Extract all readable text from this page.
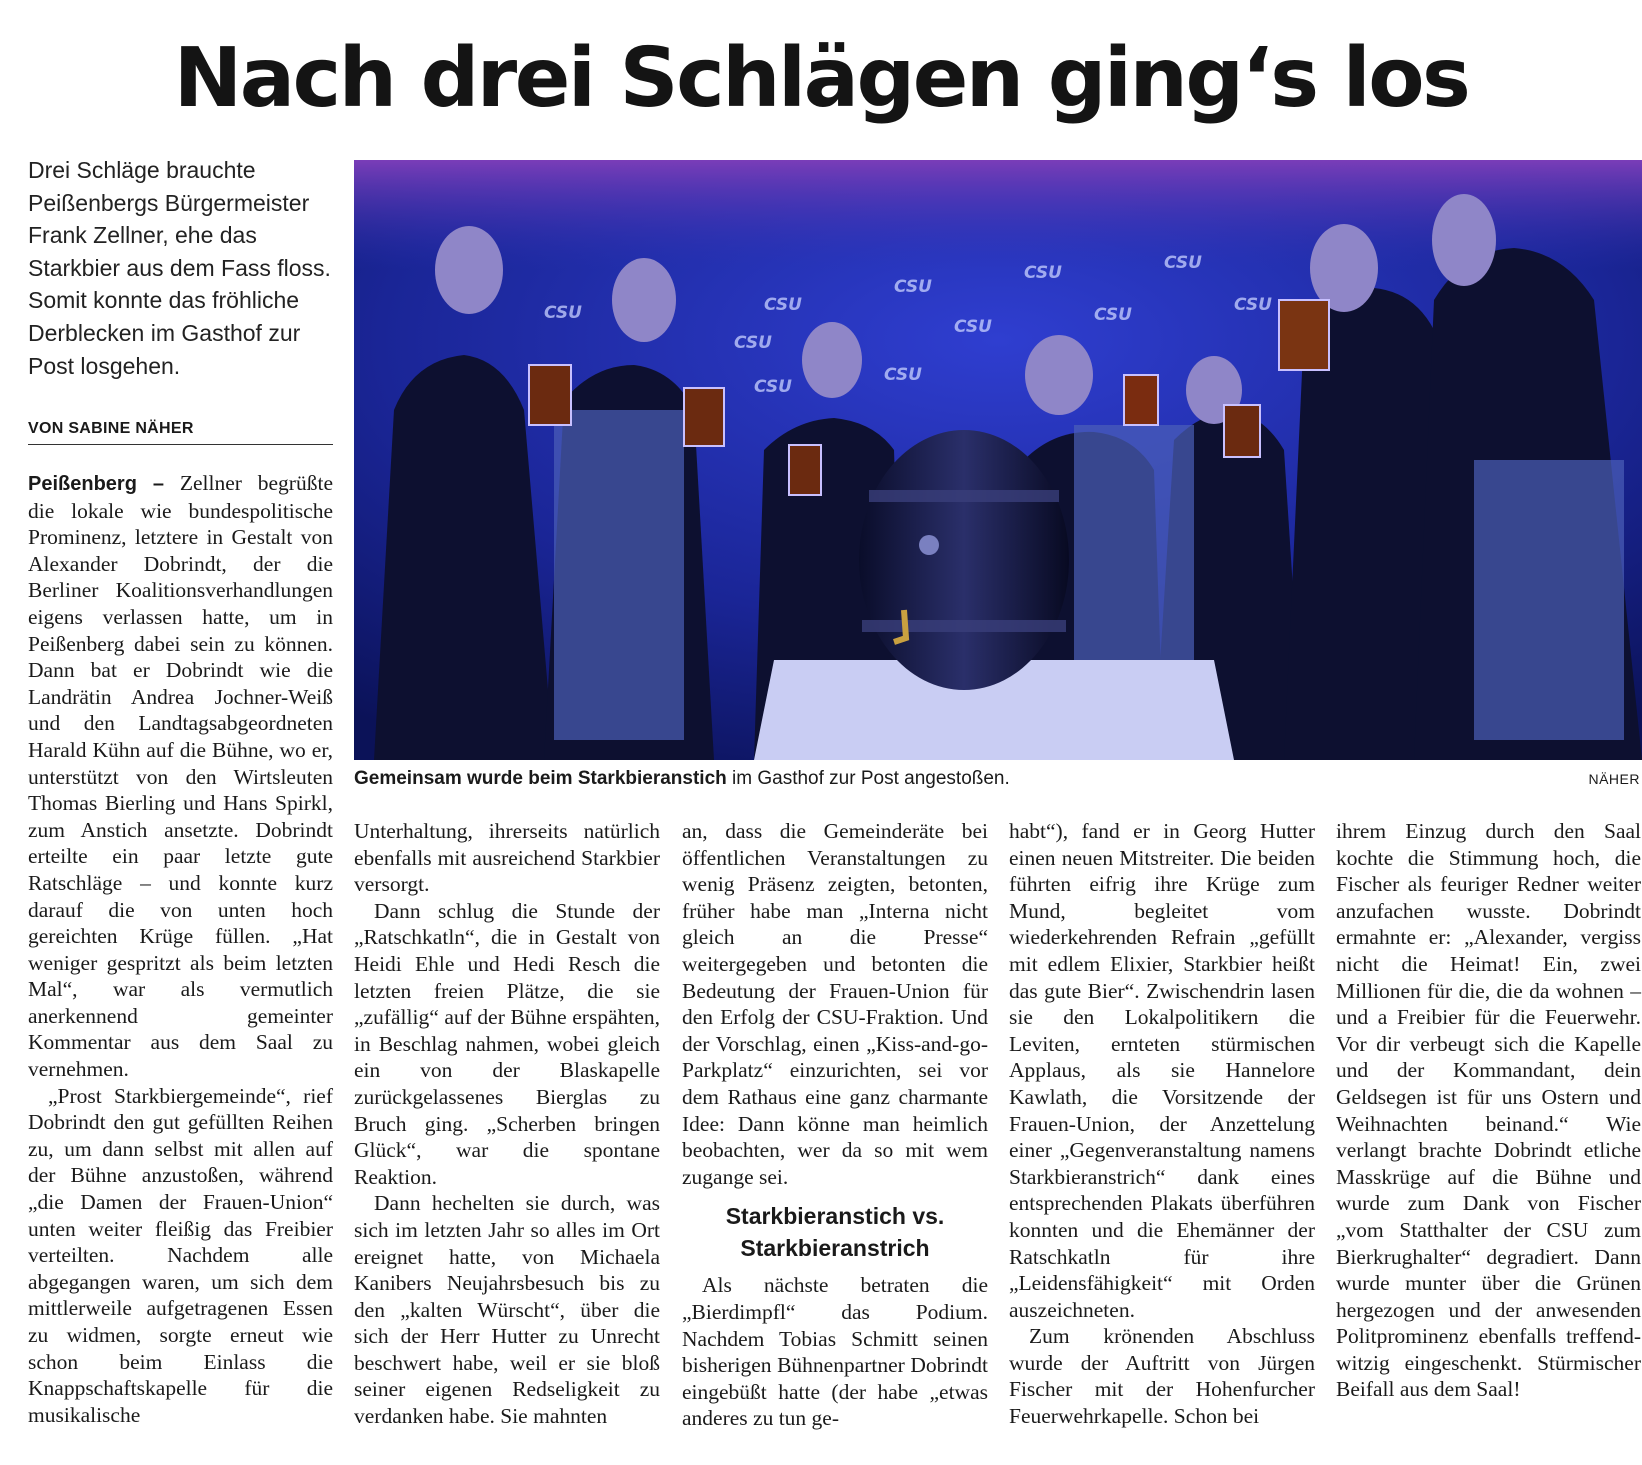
Nach drei Schlägen ging‘s los
Drei Schläge brauchte Peißenbergs Bürgermeister Frank Zellner, ehe das Starkbier aus dem Fass floss. Somit konnte das fröhliche Derblecken im Gasthof zur Post losgehen.
VON SABINE NÄHER
CSU	CSU
CSU
CSU	CSU
CSU
CSU
CSU	CSU
CSU
CSU
Gemeinsam wurde beim Starkbieranstich im Gasthof zur Post angestoßen.	NÄHER

Peißenberg – Zellner begrüßte die lokale wie bundespolitische Prominenz, letztere in Gestalt von Alexander Dobrindt, der die Berliner Koalitionsverhandlungen eigens verlassen hatte, um in Peißenberg dabei sein zu können. Dann bat er Dobrindt wie die Landrätin Andrea Jochner-Weiß und den Landtagsabgeordneten Harald Kühn auf die Bühne, wo er, unterstützt von den Wirtsleuten Thomas Bierling und Hans Spirkl, zum Anstich ansetzte. Dobrindt erteilte ein paar letzte gute Ratschläge – und konnte kurz darauf die von unten hoch gereichten Krüge füllen. „Hat weniger gespritzt als beim letzten Mal“, war als vermutlich anerkennend gemeinter Kommentar aus dem Saal zu vernehmen.

„Prost Starkbiergemeinde“, rief Dobrindt den gut gefüllten Reihen zu, um dann selbst mit allen auf der Bühne anzustoßen, während „die Damen der Frauen-Union“ unten weiter fleißig das Freibier verteilten. Nachdem alle abgegangen waren, um sich dem mittlerweile aufgetragenen Essen zu widmen, sorgte erneut wie schon beim Einlass die Knappschaftskapelle für die musikalische

Unterhaltung, ihrerseits natürlich ebenfalls mit ausreichend Starkbier versorgt.

Dann schlug die Stunde der „Ratschkatln“, die in Gestalt von Heidi Ehle und Hedi Resch die letzten freien Plätze, die sie „zufällig“ auf der Bühne erspähten, in Beschlag nahmen, wobei gleich ein von der Blaskapelle zurückgelassenes Bierglas zu Bruch ging. „Scherben bringen Glück“, war die spontane Reaktion.

Dann hechelten sie durch, was sich im letzten Jahr so alles im Ort ereignet hatte, von Michaela Kanibers Neujahrsbesuch bis zu den „kalten Würscht“, über die sich der Herr Hutter zu Unrecht beschwert habe, weil er sie bloß seiner eigenen Redseligkeit zu verdanken habe. Sie mahnten

an, dass die Gemeinderäte bei öffentlichen Veranstaltungen zu wenig Präsenz zeigten, betonten, früher habe man „Interna nicht gleich an die Presse“ weitergegeben und betonten die Bedeutung der Frauen-Union für den Erfolg der CSU-Fraktion. Und der Vorschlag, einen „Kiss-and-go-Parkplatz“ einzurichten, sei vor dem Rathaus eine ganz charmante Idee: Dann könne man heimlich beobachten, wer da so mit wem zugange sei.

Starkbieranstich vs. Starkbieranstrich

Als nächste betraten die „Bierdimpfl“ das Podium. Nachdem Tobias Schmitt seinen bisherigen Bühnenpartner Dobrindt eingebüßt hatte (der habe „etwas anderes zu tun ge-

habt“), fand er in Georg Hutter einen neuen Mitstreiter. Die beiden führten eifrig ihre Krüge zum Mund, begleitet vom wiederkehrenden Refrain „gefüllt mit edlem Elixier, Starkbier heißt das gute Bier“. Zwischendrin lasen sie den Lokalpolitikern die Leviten, ernteten stürmischen Applaus, als sie Hannelore Kawlath, die Vorsitzende der Frauen-Union, der Anzettelung einer „Gegenveranstaltung namens Starkbieranstrich“ dank eines entsprechenden Plakats überführen konnten und die Ehemänner der Ratschkatln für ihre „Leidensfähigkeit“ mit Orden auszeichneten.

Zum krönenden Abschluss wurde der Auftritt von Jürgen Fischer mit der Hohenfurcher Feuerwehrkapelle. Schon bei

ihrem Einzug durch den Saal kochte die Stimmung hoch, die Fischer als feuriger Redner weiter anzufachen wusste. Dobrindt ermahnte er: „Alexander, vergiss nicht die Heimat! Ein, zwei Millionen für die, die da wohnen – und a Freibier für die Feuerwehr. Vor dir verbeugt sich die Kapelle und der Kommandant, dein Geldsegen ist für uns Ostern und Weihnachten beinand.“ Wie verlangt brachte Dobrindt etliche Masskrüge auf die Bühne und wurde zum Dank von Fischer „vom Statthalter der CSU zum Bierkrughalter“ degradiert. Dann wurde munter über die Grünen hergezogen und der anwesenden Politprominenz ebenfalls treffend-witzig eingeschenkt. Stürmischer Beifall aus dem Saal!
